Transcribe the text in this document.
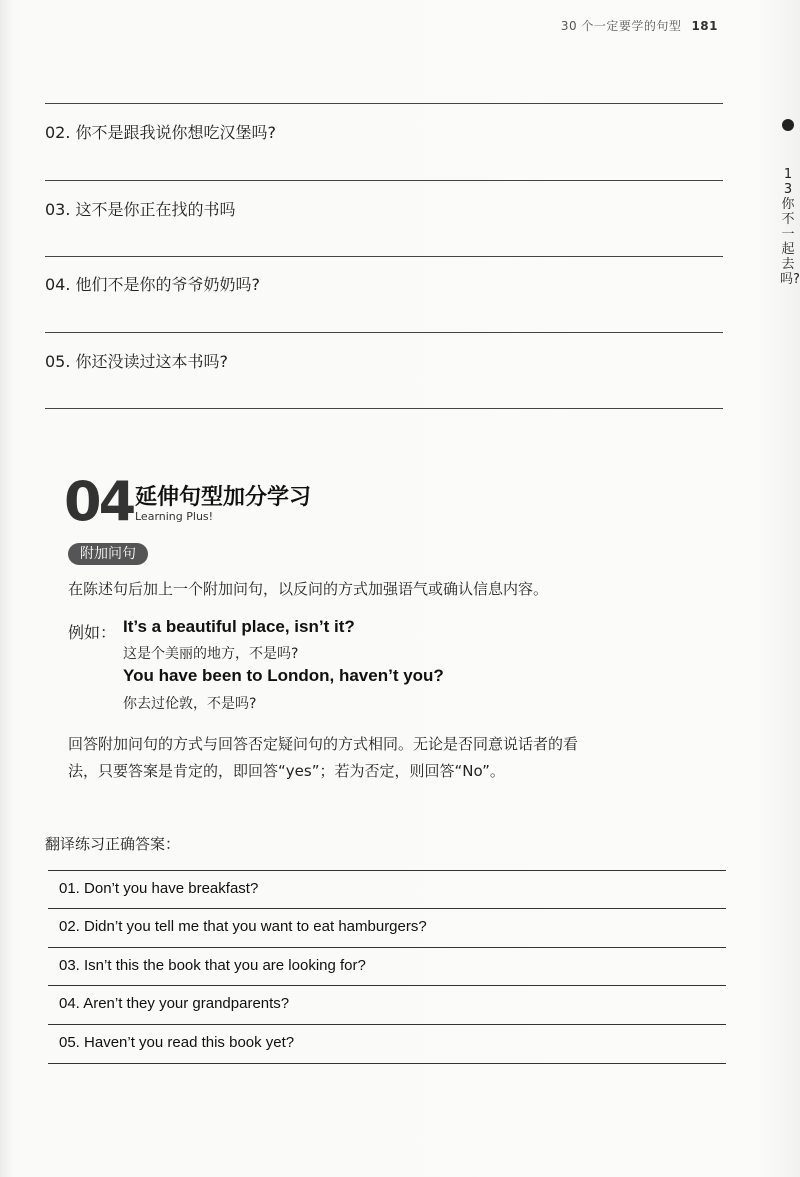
30 个一定要学的句型 181
13
你不一起去吗?
02. 你不是跟我说你想吃汉堡吗?
03. 这不是你正在找的书吗
04. 他们不是你的爷爷奶奶吗?
05. 你还没读过这本书吗?
04 延伸句型加分学习
Learning Plus!
附加问句
在陈述句后加上一个附加问句，以反问的方式加强语气或确认信息内容。
例如： It’s a beautiful place, isn’t it?
这是个美丽的地方，不是吗?
You have been to London, haven’t you?
你去过伦敦，不是吗?
回答附加问句的方式与回答否定疑问句的方式相同。无论是否同意说话者的看
法，只要答案是肯定的，即回答“yes”；若为否定，则回答“No”。
翻译练习正确答案：
01. Don’t you have breakfast?
02. Didn’t you tell me that you want to eat hamburgers?
03. Isn’t this the book that you are looking for?
04. Aren’t they your grandparents?
05. Haven’t you read this book yet?
